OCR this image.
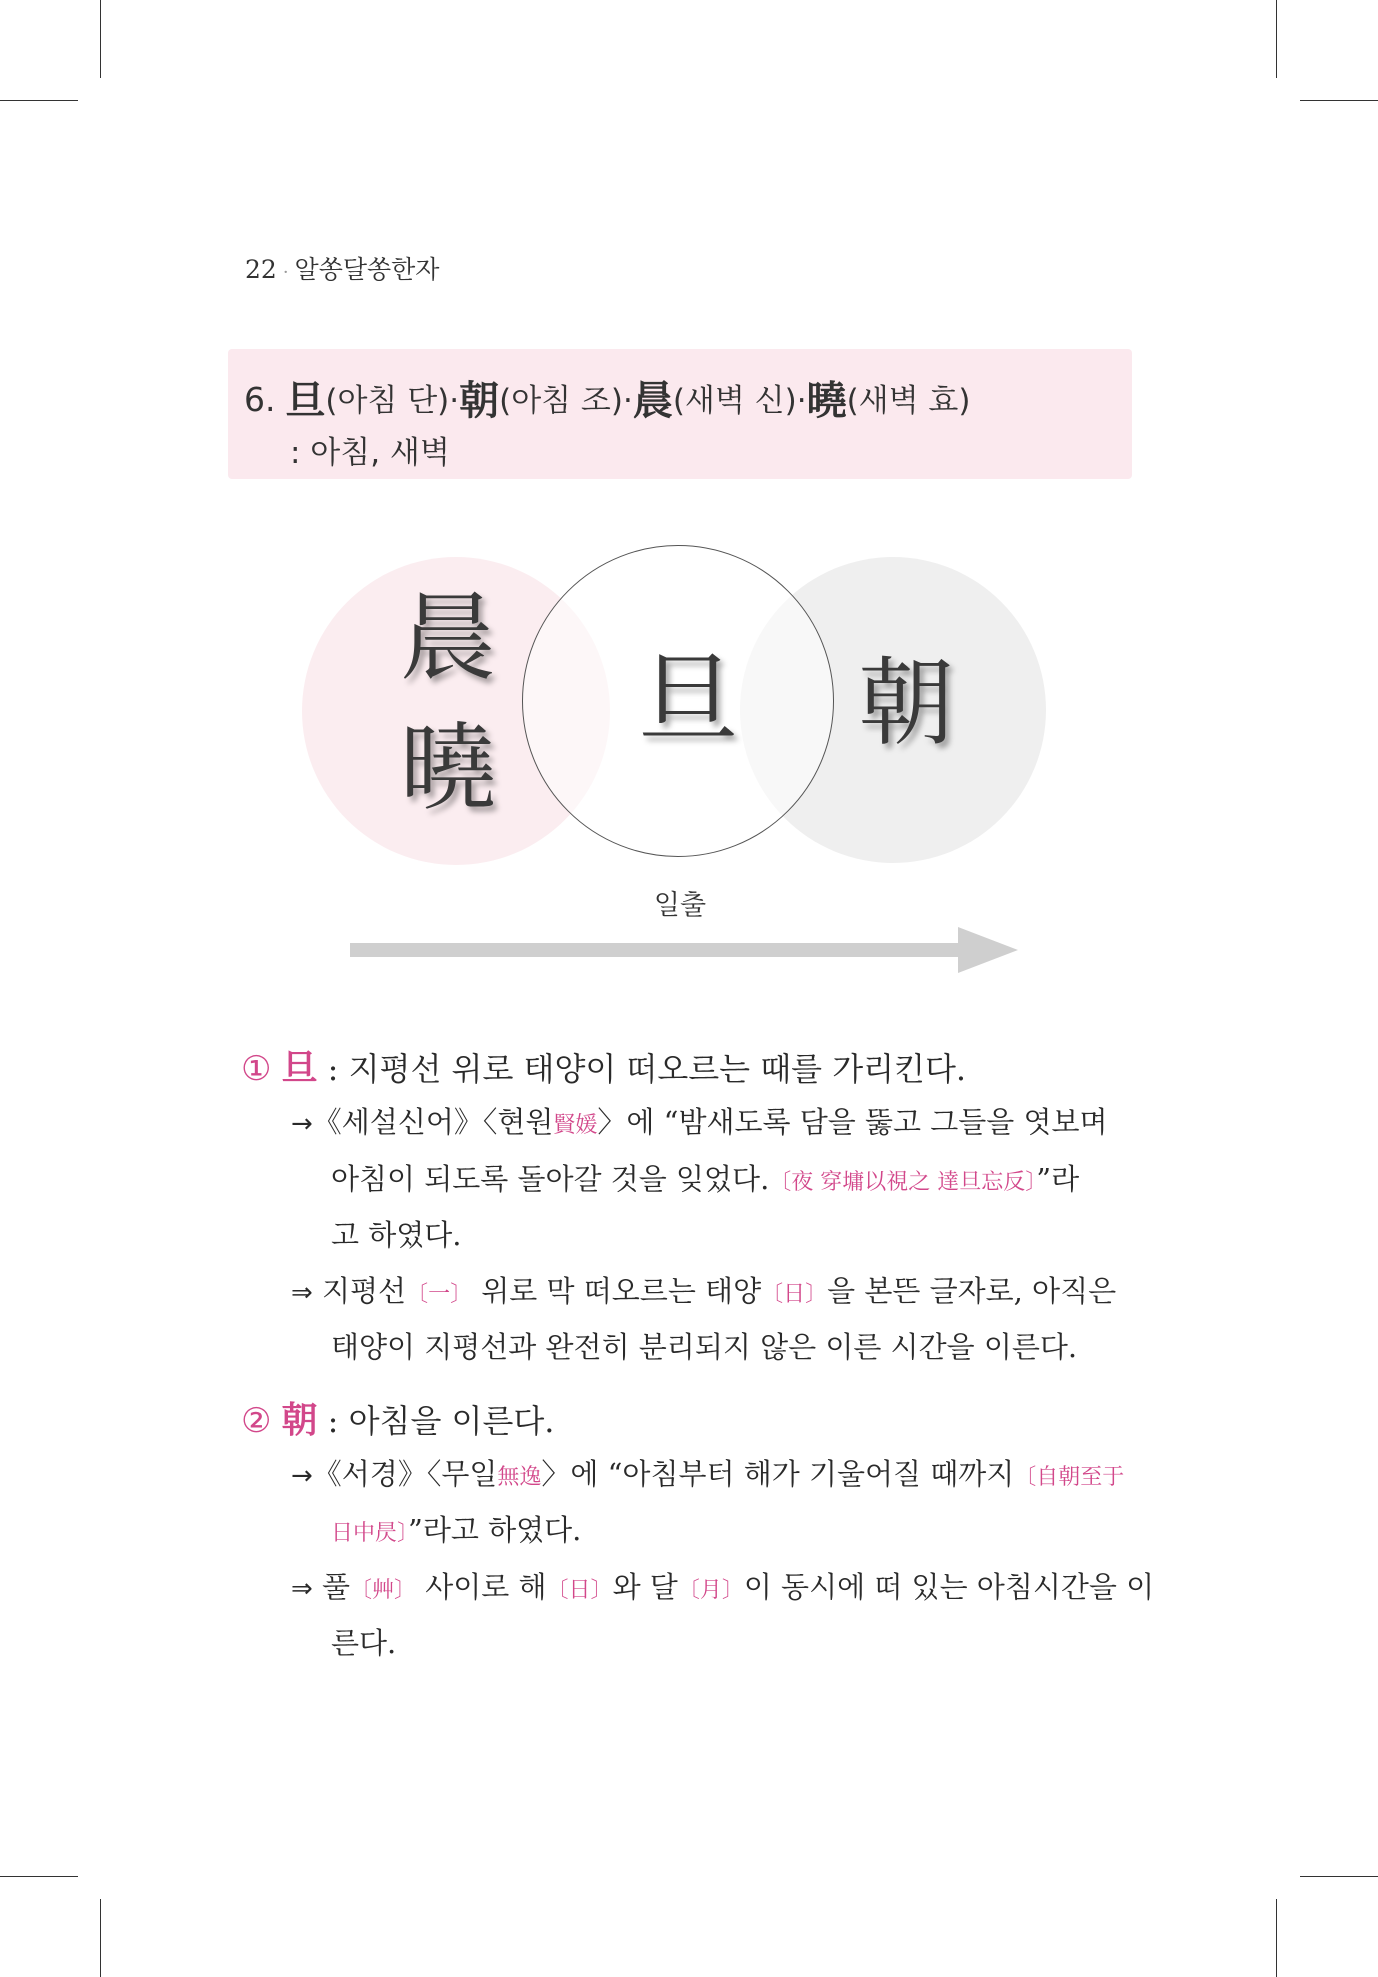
22 · 알쏭달쏭한자
6. 旦(아침 단)·朝(아침 조)·晨(새벽 신)·曉(새벽 효)
: 아침, 새벽
晨
曉
旦 朝
일출
① 旦 : 지평선 위로 태양이 떠오르는 때를 가리킨다.
→《세설신어》〈현원賢媛〉에 “밤새도록 담을 뚫고 그들을 엿보며
아침이 되도록 돌아갈 것을 잊었다.〔夜 穿墉以視之 達旦忘反〕”라
고 하였다.
⇒ 지평선〔一〕 위로 막 떠오르는 태양〔日〕을 본뜬 글자로, 아직은
태양이 지평선과 완전히 분리되지 않은 이른 시간을 이른다.
② 朝 : 아침을 이른다.
→《서경》〈무일無逸〉에 “아침부터 해가 기울어질 때까지〔自朝至于
日中昃〕”라고 하였다.
⇒ 풀〔艸〕 사이로 해〔日〕와 달〔月〕이 동시에 떠 있는 아침시간을 이
른다.
